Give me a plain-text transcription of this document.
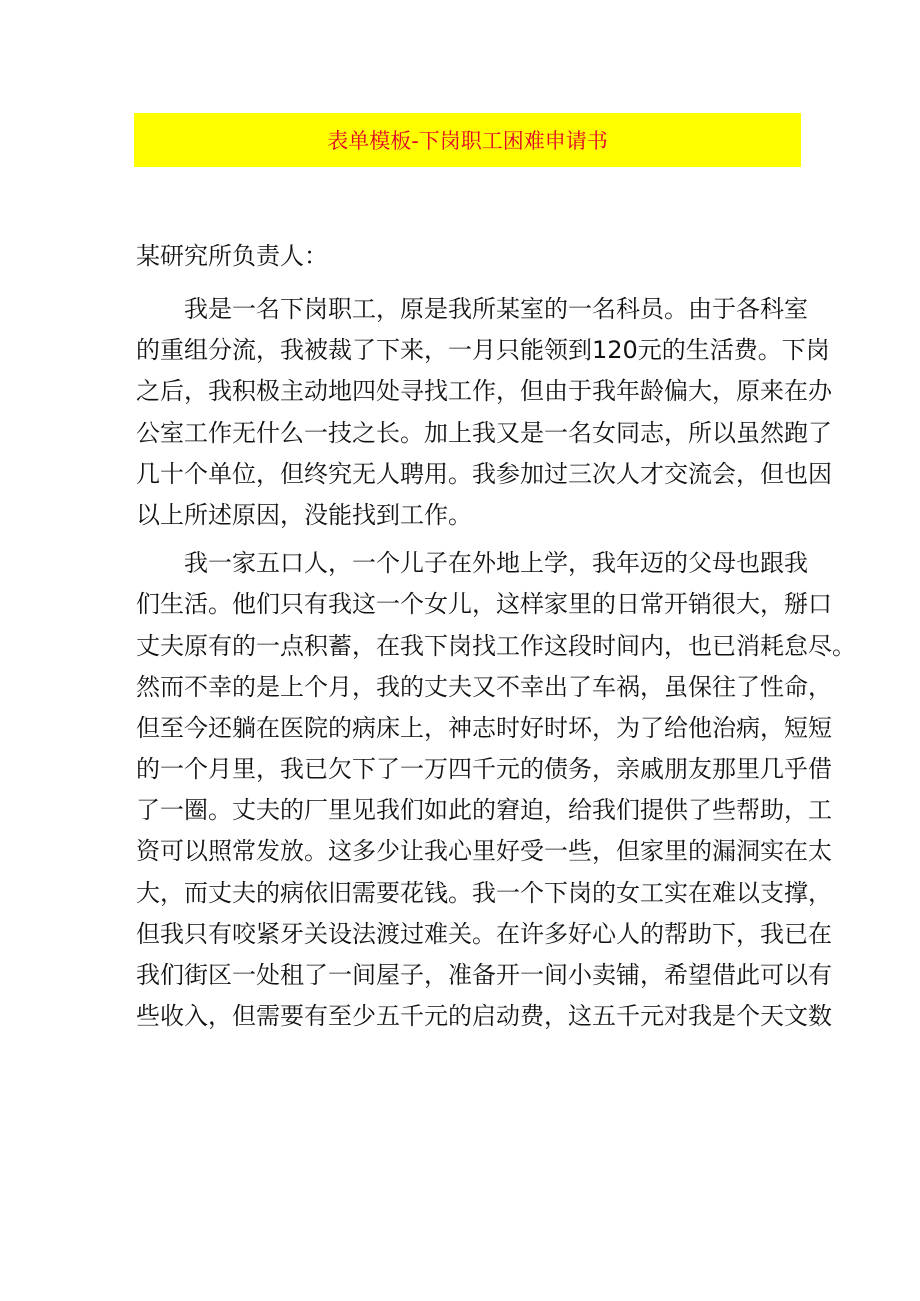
表单模板-下岗职工困难申请书
某研究所负责人：
我是一名下岗职工，原是我所某室的一名科员。由于各科室
的重组分流，我被裁了下来，一月只能领到120元的生活费。下岗
之后，我积极主动地四处寻找工作，但由于我年龄偏大，原来在办
公室工作无什么一技之长。加上我又是一名女同志，所以虽然跑了
几十个单位，但终究无人聘用。我参加过三次人才交流会，但也因
以上所述原因，没能找到工作。
我一家五口人，一个儿子在外地上学，我年迈的父母也跟我
们生活。他们只有我这一个女儿，这样家里的日常开销很大，掰口
丈夫原有的一点积蓄，在我下岗找工作这段时间内，也已消耗怠尽。
然而不幸的是上个月，我的丈夫又不幸出了车祸，虽保往了性命，
但至今还躺在医院的病床上，神志时好时坏，为了给他治病，短短
的一个月里，我已欠下了一万四千元的债务，亲戚朋友那里几乎借
了一圈。丈夫的厂里见我们如此的窘迫，给我们提供了些帮助，工
资可以照常发放。这多少让我心里好受一些，但家里的漏洞实在太
大，而丈夫的病依旧需要花钱。我一个下岗的女工实在难以支撑，
但我只有咬紧牙关设法渡过难关。在许多好心人的帮助下，我已在
我们街区一处租了一间屋子，准备开一间小卖铺，希望借此可以有
些收入，但需要有至少五千元的启动费，这五千元对我是个天文数
